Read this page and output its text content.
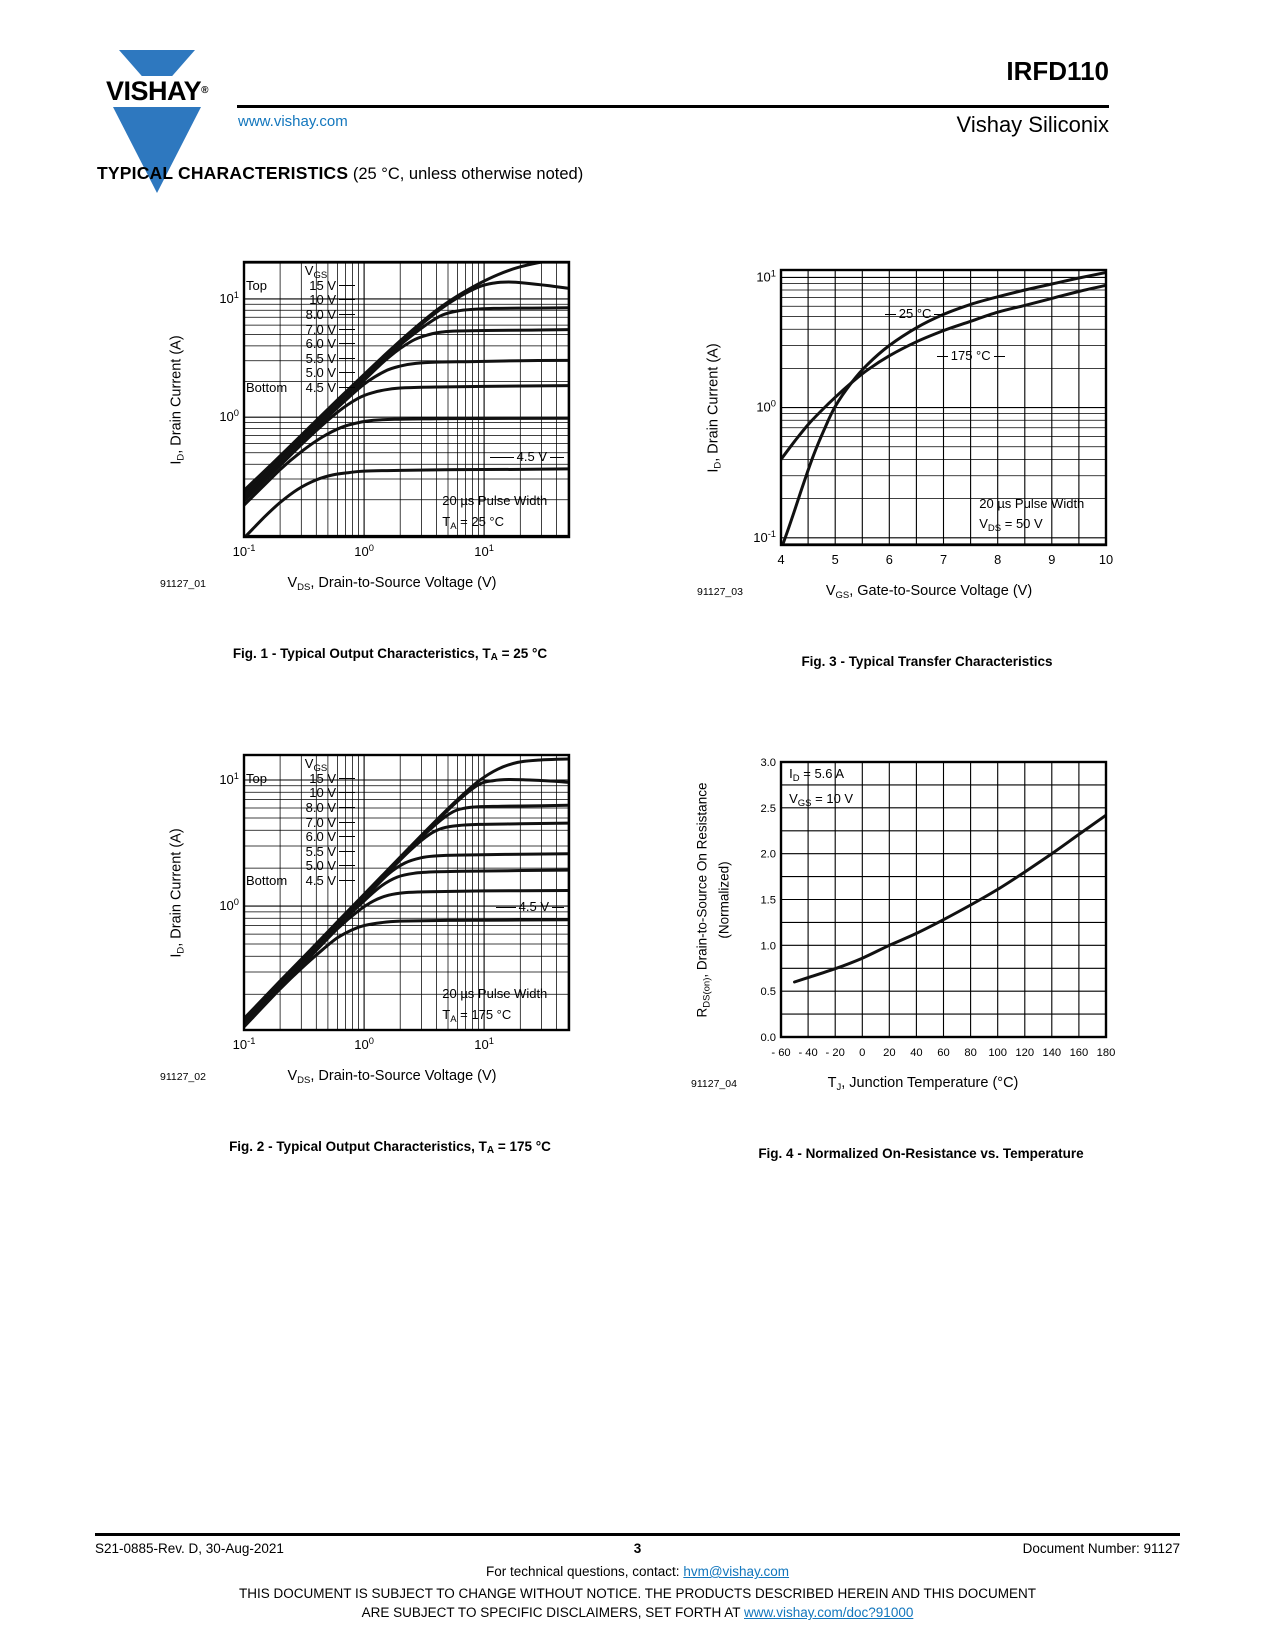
VISHAY®
www.vishay.com
IRFD110
Vishay Siliconix
TYPICAL CHARACTERISTICS (25 °C, unless otherwise noted)
$I_D$, Drain Current (A)
$10^{-1}$	$10^0$	$10^1$
$10^0$
$10^1$
$V_{GS}$
Top	15 V
10 V
8.0 V
7.0 V
6.0 V
5.5 V
5.0 V
Bottom	4.5 V
4.5 V
20 µs Pulse Width
$T_A = 25$ °C
91127_01	$V_{DS}$, Drain-to-Source Voltage (V)
Fig. 1 - Typical Output Characteristics, $T_A = 25$ °C
$I_D$, Drain Current (A)
4	5	6	7	8	9	10
$10^{-1}$
$10^0$
$10^1$
25 °C
175 °C
20 µs Pulse Width
$V_{DS} = 50$ V
91127_03	$V_{GS}$, Gate-to-Source Voltage (V)
Fig. 3 - Typical Transfer Characteristics
$I_D$, Drain Current (A)
$10^{-1}$	$10^0$	$10^1$
$10^0$
$10^1$
$V_{GS}$
Top	15 V
10 V
8.0 V
7.0 V
6.0 V
5.5 V
5.0 V
Bottom	4.5 V
4.5 V
20 µs Pulse Width
$T_A = 175$ °C
91127_02	$V_{DS}$, Drain-to-Source Voltage (V)
Fig. 2 - Typical Output Characteristics, $T_A = 175$ °C
$R_{DS(on)}$, Drain-to-Source On Resistance (Normalized)
- 60 - 40 - 20 0 20 40 60 80 100 120 140 160 180
0.0
0.5
1.0
1.5
2.0
2.5
3.0
$I_D = 5.6$ A
$V_{GS} = 10$ V
91127_04	$T_J$, Junction Temperature (°C)
Fig. 4 - Normalized On-Resistance vs. Temperature
3
S21-0885-Rev. D, 30-Aug-2021	Document Number: 91127
For technical questions, contact: hvm@vishay.com
THIS DOCUMENT IS SUBJECT TO CHANGE WITHOUT NOTICE. THE PRODUCTS DESCRIBED HEREIN AND THIS DOCUMENT
ARE SUBJECT TO SPECIFIC DISCLAIMERS, SET FORTH AT www.vishay.com/doc?91000
